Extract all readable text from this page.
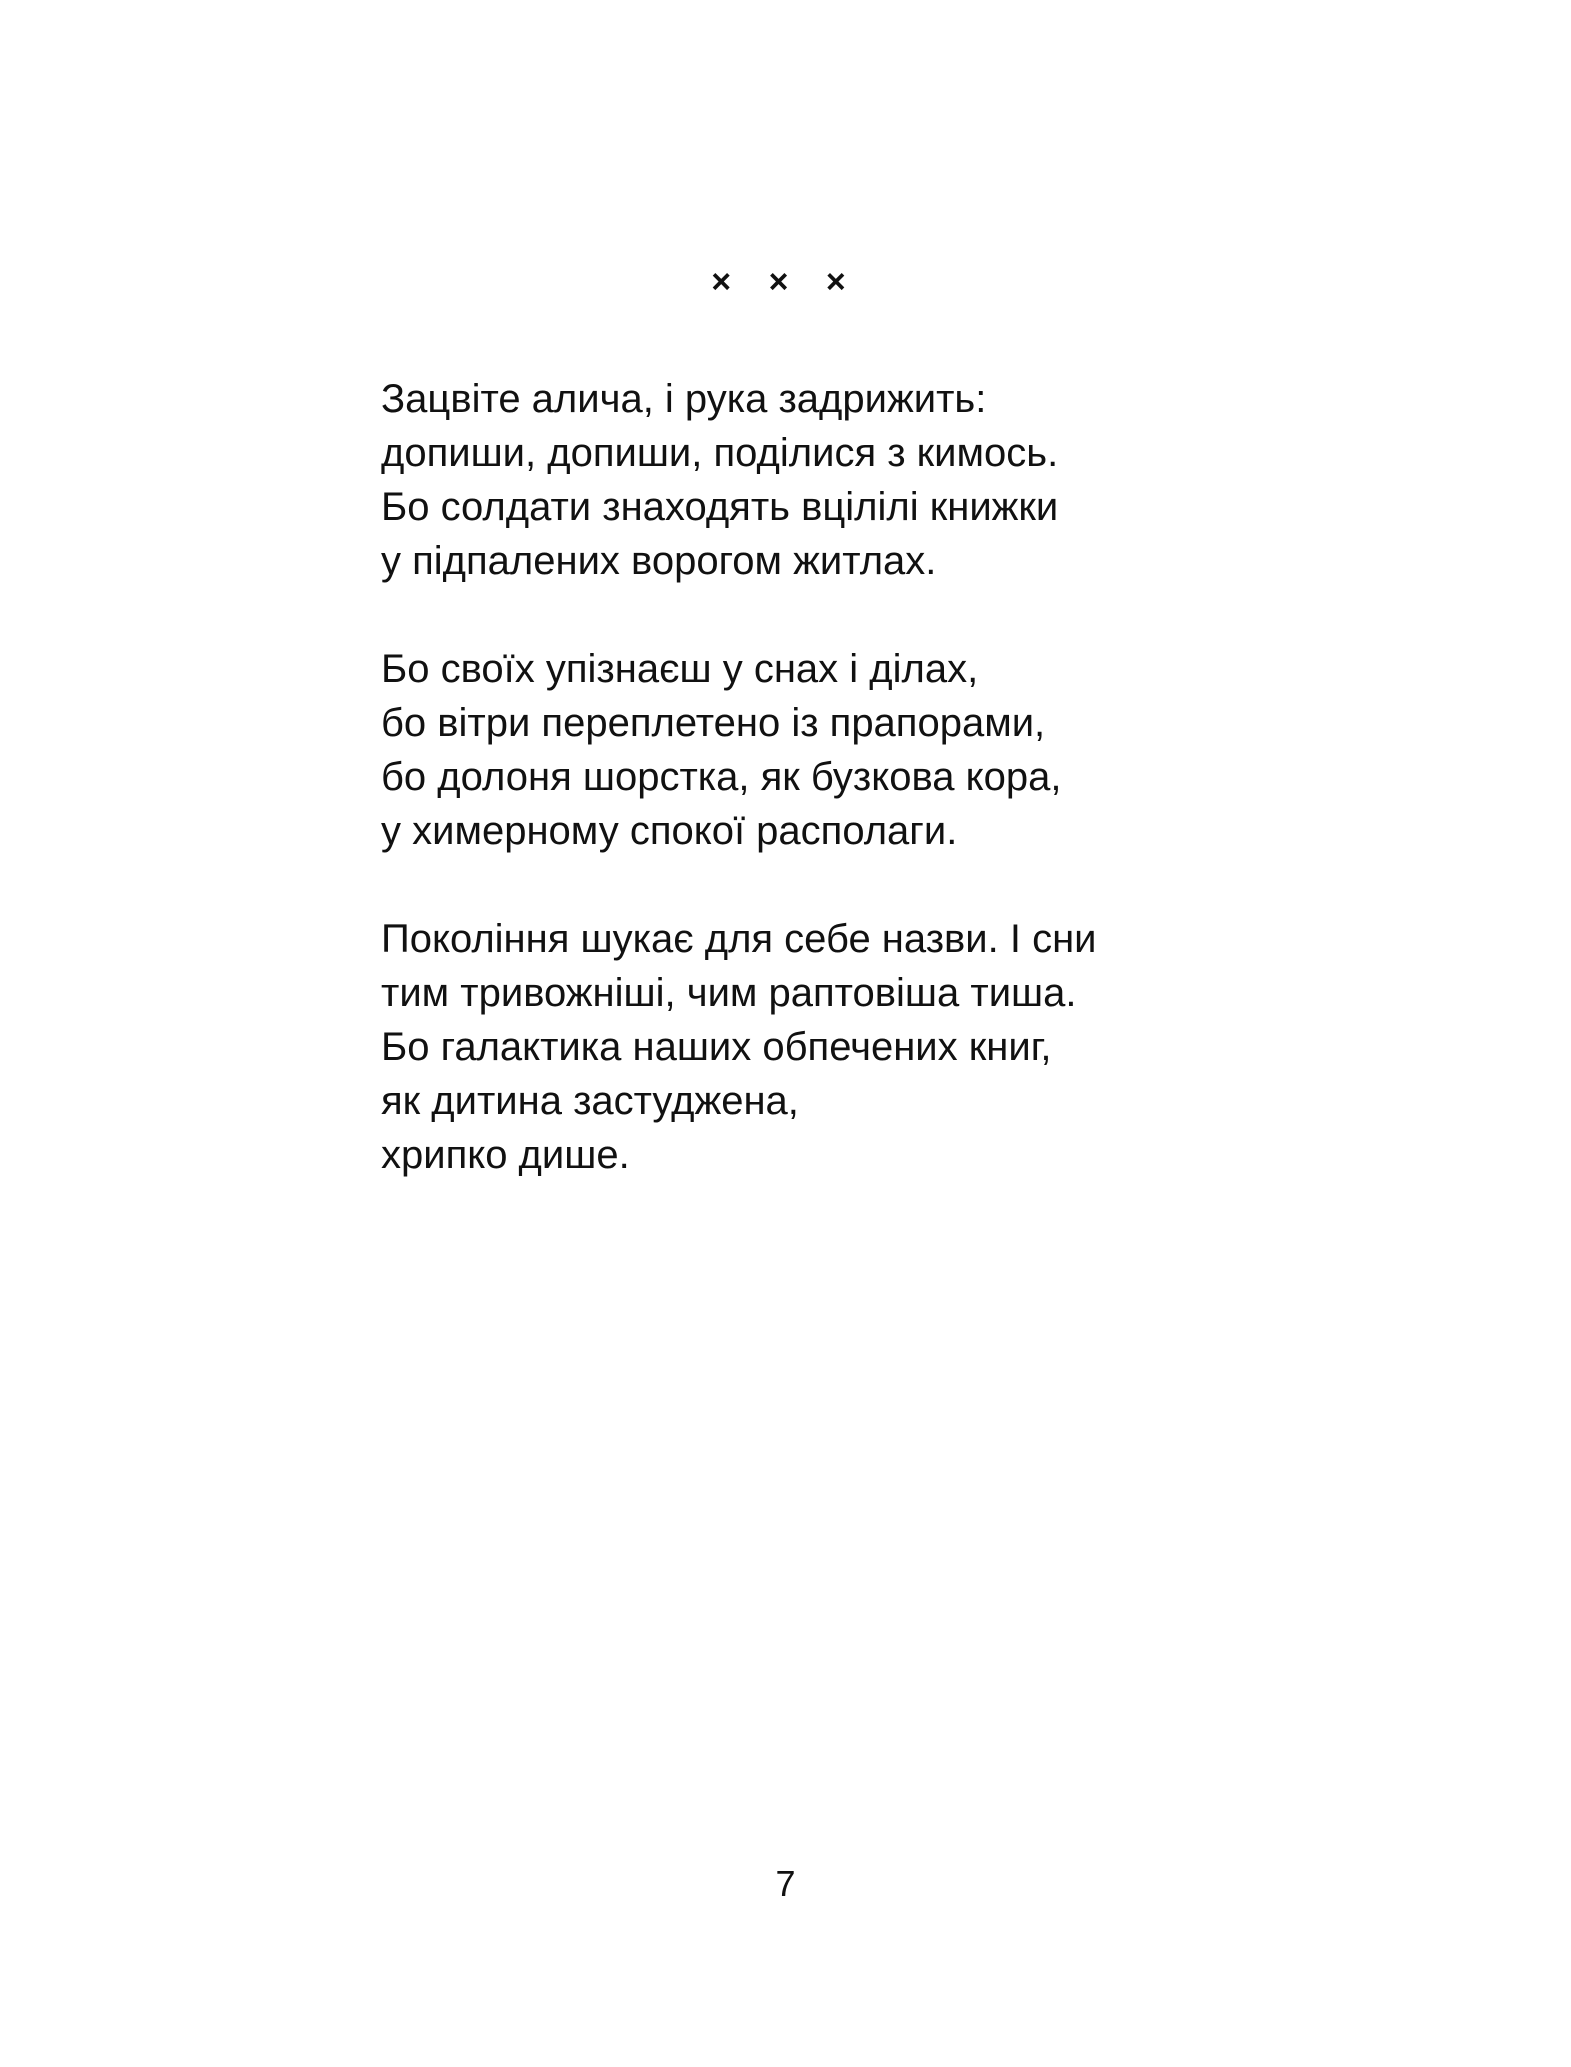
× × ×
Зацвіте алича, і рука задрижить:
допиши, допиши, поділися з кимось.
Бо солдати знаходять вцілілі книжки
у підпалених ворогом житлах.
Бо своїх упізнаєш у снах і ділах,
бо вітри переплетено із прапорами,
бо долоня шорстка, як бузкова кора,
у химерному спокої располаги.
Покоління шукає для себе назви. І сни
тим тривожніші, чим раптовіша тиша.
Бо галактика наших обпечених книг,
як дитина застуджена,
хрипко дише.
7
